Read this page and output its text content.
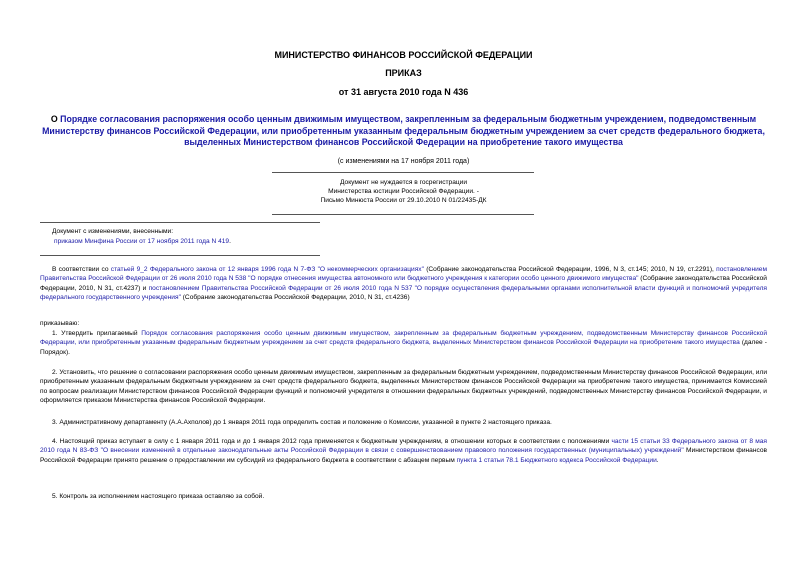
МИНИСТЕРСТВО ФИНАНСОВ РОССИЙСКОЙ ФЕДЕРАЦИИ
ПРИКАЗ
от 31 августа 2010 года N 436
О Порядке согласования распоряжения особо ценным движимым имуществом, закрепленным за федеральным бюджетным учреждением, подведомственным Министерству финансов Российской Федерации, или приобретенным указанным федеральным бюджетным учреждением за счет средств федерального бюджета, выделенных Министерством финансов Российской Федерации на приобретение такого имущества
(с изменениями на 17 ноября 2011 года)
Документ не нуждается в госрегистрации
Министерства юстиции Российской Федерации. -
Письмо Минюста России от 29.10.2010 N 01/22435-ДК
Документ с изменениями, внесенными:
приказом Минфина России от 17 ноября 2011 года N 419.
В соответствии со статьей 9_2 Федерального закона от 12 января 1996 года N 7-ФЗ "О некоммерческих организациях" (Собрание законодательства Российской Федерации, 1996, N 3, ст.145; 2010, N 19, ст.2291), постановлением Правительства Российской Федерации от 26 июля 2010 года N 538 "О порядке отнесения имущества автономного или бюджетного учреждения к категории особо ценного движимого имущества" (Собрание законодательства Российской Федерации, 2010, N 31, ст.4237) и постановлением Правительства Российской Федерации от 26 июля 2010 года N 537 "О порядке осуществления федеральными органами исполнительной власти функций и полномочий учредителя федерального государственного учреждения" (Собрание законодательства Российской Федерации, 2010, N 31, ст.4236)
приказываю:
1. Утвердить прилагаемый Порядок согласования распоряжения особо ценным движимым имуществом, закрепленным за федеральным бюджетным учреждением, подведомственным Министерству финансов Российской Федерации, или приобретенным указанным федеральным бюджетным учреждением за счет средств федерального бюджета, выделенных Министерством финансов Российской Федерации на приобретение такого имущества (далее - Порядок).
2. Установить, что решение о согласовании распоряжения особо ценным движимым имуществом, закрепленным за федеральным бюджетным учреждением, подведомственным Министерству финансов Российской Федерации, или приобретенным указанным федеральным бюджетным учреждением за счет средств федерального бюджета, выделенных Министерством финансов Российской Федерации на приобретение такого имущества, принимается Комиссией по вопросам реализации Министерством финансов Российской Федерации функций и полномочий учредителя в отношении федеральных бюджетных учреждений, подведомственных Министерству финансов Российской Федерации, и оформляется приказом Министерства финансов Российской Федерации.
3. Административному департаменту (А.А.Ахполов) до 1 января 2011 года определить состав и положение о Комиссии, указанной в пункте 2 настоящего приказа.
4. Настоящий приказ вступает в силу с 1 января 2011 года и до 1 января 2012 года применяется к бюджетным учреждениям, в отношении которых в соответствии с положениями части 15 статьи 33 Федерального закона от 8 мая 2010 года N 83-ФЗ "О внесении изменений в отдельные законодательные акты Российской Федерации в связи с совершенствованием правового положения государственных (муниципальных) учреждений" Министерством финансов Российской Федерации принято решение о предоставлении им субсидий из федерального бюджета в соответствии с абзацем первым пункта 1 статьи 78.1 Бюджетного кодекса Российской Федерации.
5. Контроль за исполнением настоящего приказа оставляю за собой.
